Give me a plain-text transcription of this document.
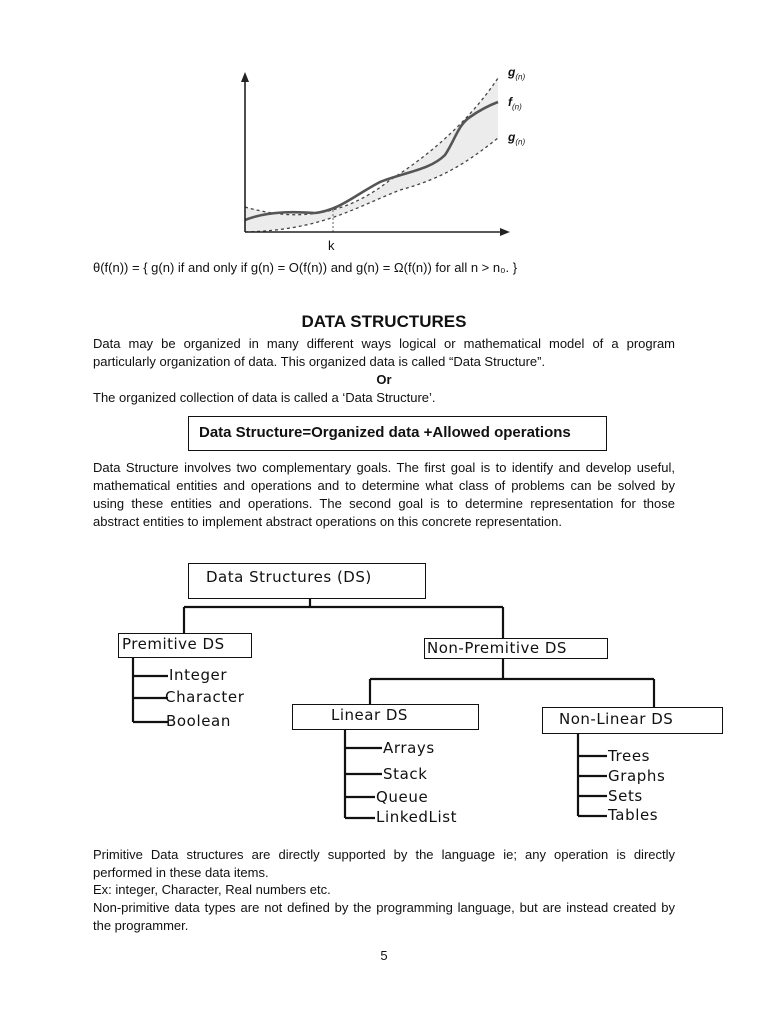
$g_{(n)}$
$f_{(n)}$
$g_{(n)}$
k
θ(f(n)) = { g(n) if and only if g(n) = O(f(n)) and g(n) = Ω(f(n)) for all n > n₀. }
DATA STRUCTURES
Data may be organized in many different ways logical or mathematical model of a program particularly organization of data. This organized data is called “Data Structure”.
Or
The organized collection of data is called a ‘Data Structure’.
Data Structure=Organized data +Allowed operations
Data Structure involves two complementary goals. The first goal is to identify and develop useful, mathematical entities and operations and to determine what class of problems can be solved by using these entities and operations. The second goal is to determine representation for those abstract entities to implement abstract operations on this concrete representation.
Data Structures (DS)
Premitive DS
Integer
Character
Boolean
Non-Premitive DS
Linear DS
Arrays
Stack
Queue
LinkedList
Non-Linear DS
Trees
Graphs
Sets
Tables
Primitive Data structures are directly supported by the language ie; any operation is directly performed in these data items.
Ex: integer, Character, Real numbers etc.
Non-primitive data types are not defined by the programming language, but are instead created by the programmer.
5
